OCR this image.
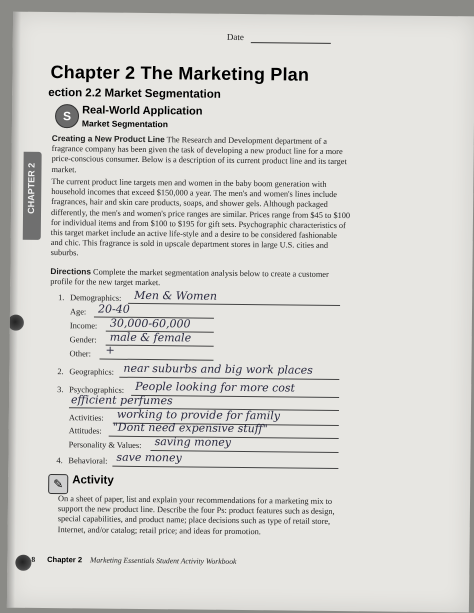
Date
Chapter 2 The Marketing Plan
ection 2.2 Market Segmentation
S Real-World Application
Market Segmentation
CHAPTER 2
Creating a New Product Line The Research and Development department of a fragrance company has been given the task of developing a new product line for a more price-conscious consumer. Below is a description of its current product line and its target market.
The current product line targets men and women in the baby boom generation with household incomes that exceed $150,000 a year. The men's and women's lines include fragrances, hair and skin care products, soaps, and shower gels. Although packaged differently, the men's and women's price ranges are similar. Prices range from $45 to $100 for individual items and from $100 to $195 for gift sets. Psychographic characteristics of this target market include an active life-style and a desire to be considered fashionable and chic. This fragrance is sold in upscale department stores in large U.S. cities and suburbs.
Directions Complete the market segmentation analysis below to create a customer profile for the new target market.
1. Demographics: Men & Women
Age: 20-40
Income: 30,000-60,000
Gender: male & female
Other: +
2. Geographics: near suburbs and big work places
3. Psychographics: People looking for more cost
efficient perfumes
Activities: working to provide for family
Attitudes: "Dont need expensive stuff"
Personality & Values: saving money
4. Behavioral: save money
✎ Activity
On a sheet of paper, list and explain your recommendations for a marketing mix to support the new product line. Describe the four Ps: product features such as design, special capabilities, and product name; place decisions such as type of retail store, Internet, and/or catalog; retail price; and ideas for promotion.
8 Chapter 2 Marketing Essentials Student Activity Workbook
